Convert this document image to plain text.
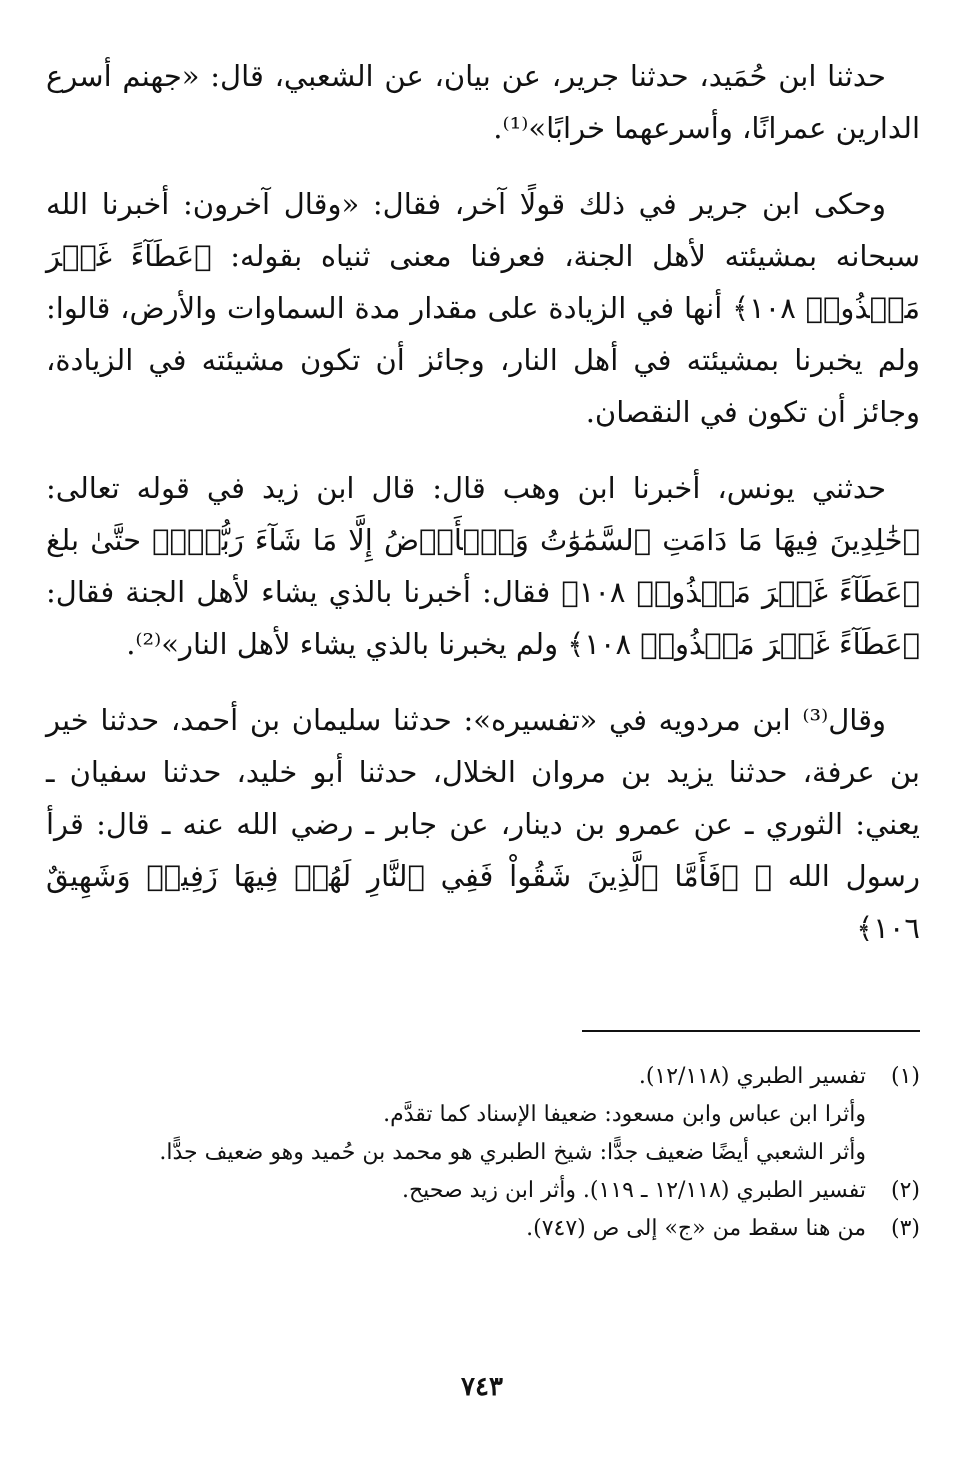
حدثنا ابن حُمَيد، حدثنا جرير، عن بيان، عن الشعبي، قال: «جهنم أسرع الدارين عمرانًا، وأسرعهما خرابًا»⁽¹⁾.

وحكى ابن جرير في ذلك قولًا آخر، فقال: «وقال آخرون: أخبرنا الله سبحانه بمشيئته لأهل الجنة، فعرفنا معنى ثنياه بقوله: ﴿عَطَآءً غَيۡرَ مَجۡذُوذٖ ١٠٨﴾ أنها في الزيادة على مقدار مدة السماوات والأرض، قالوا: ولم يخبرنا بمشيئته في أهل النار، وجائز أن تكون مشيئته في الزيادة، وجائز أن تكون في النقصان.

حدثني يونس، أخبرنا ابن وهب قال: قال ابن زيد في قوله تعالى: ﴿خَٰلِدِينَ فِيهَا مَا دَامَتِ ٱلسَّمَٰوَٰتُ وَٱلۡأَرۡضُ إِلَّا مَا شَآءَ رَبُّكَۚ﴾ حتَّىٰ بلغ ﴿عَطَآءً غَيۡرَ مَجۡذُوذٖ ١٠٨﴾ فقال: أخبرنا بالذي يشاء لأهل الجنة فقال: ﴿عَطَآءً غَيۡرَ مَجۡذُوذٖ ١٠٨﴾ ولم يخبرنا بالذي يشاء لأهل النار»⁽²⁾.

وقال⁽³⁾ ابن مردويه في «تفسيره»: حدثنا سليمان بن أحمد، حدثنا خير بن عرفة، حدثنا يزيد بن مروان الخلال، حدثنا أبو خليد، حدثنا سفيان ـ يعني: الثوري ـ عن عمرو بن دينار، عن جابر ـ رضي الله عنه ـ قال: قرأ رسول الله ﷺ ﴿فَأَمَّا ٱلَّذِينَ شَقُواْ فَفِي ٱلنَّارِ لَهُمۡ فِيهَا زَفِيرٞ وَشَهِيقٌ ١٠٦﴾

(١)
تفسير الطبري (١٢/١١٨).
وأثرا ابن عباس وابن مسعود: ضعيفا الإسناد كما تقدَّم.
وأثر الشعبي أيضًا ضعيف جدًّا: شيخ الطبري هو محمد بن حُميد وهو ضعيف جدًّا.
(٢)
تفسير الطبري (١٢/١١٨ ـ ١١٩). وأثر ابن زيد صحيح.
(٣)
من هنا سقط من «ج» إلى ص (٧٤٧).
٧٤٣
